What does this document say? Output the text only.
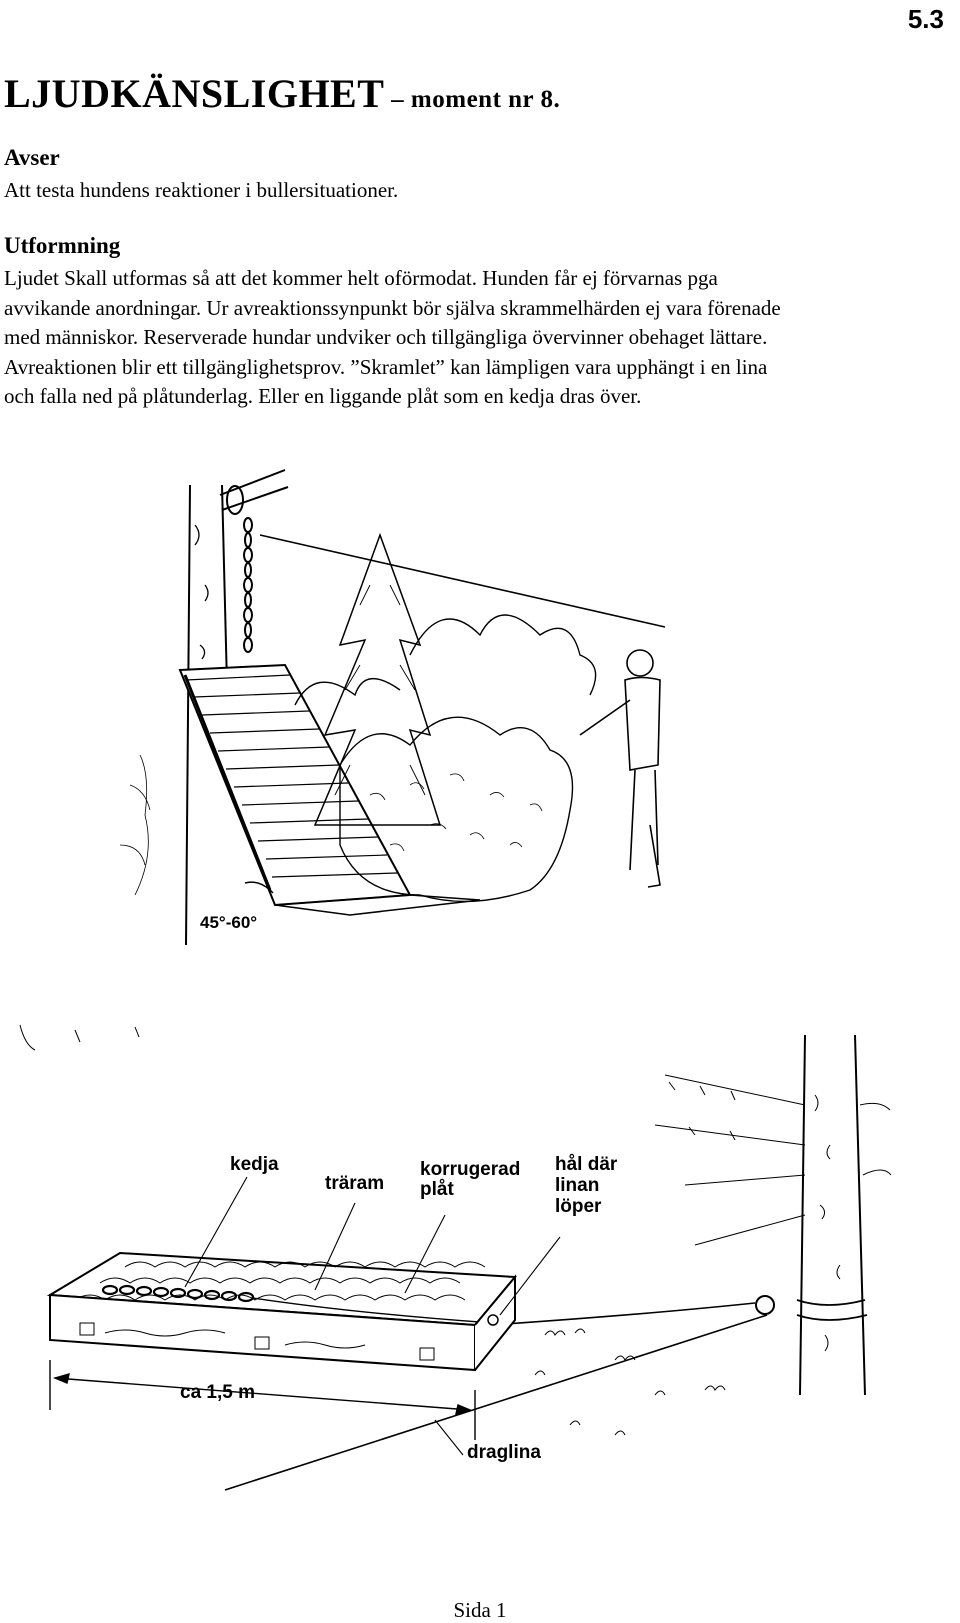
5.3
LJUDKÄNSLIGHET – moment nr 8.
Avser
Att testa hundens reaktioner i bullersituationer.
Utformning
Ljudet Skall utformas så att det kommer helt oförmodat. Hunden får ej förvarnas pga
avvikande anordningar. Ur avreaktionssynpunkt bör själva skrammelhärden ej vara förenade
med människor. Reserverade hundar undviker och tillgängliga övervinner obehaget lättare.
Avreaktionen blir ett tillgänglighetsprov. ”Skramlet” kan lämpligen vara upphängt i en lina
och falla ned på plåtunderlag. Eller en liggande plåt som en kedja dras över.
45°-60°
kedja
träram
korrugerad
plåt
hål där
linan
löper
ca 1,5 m
draglina
Sida 1
